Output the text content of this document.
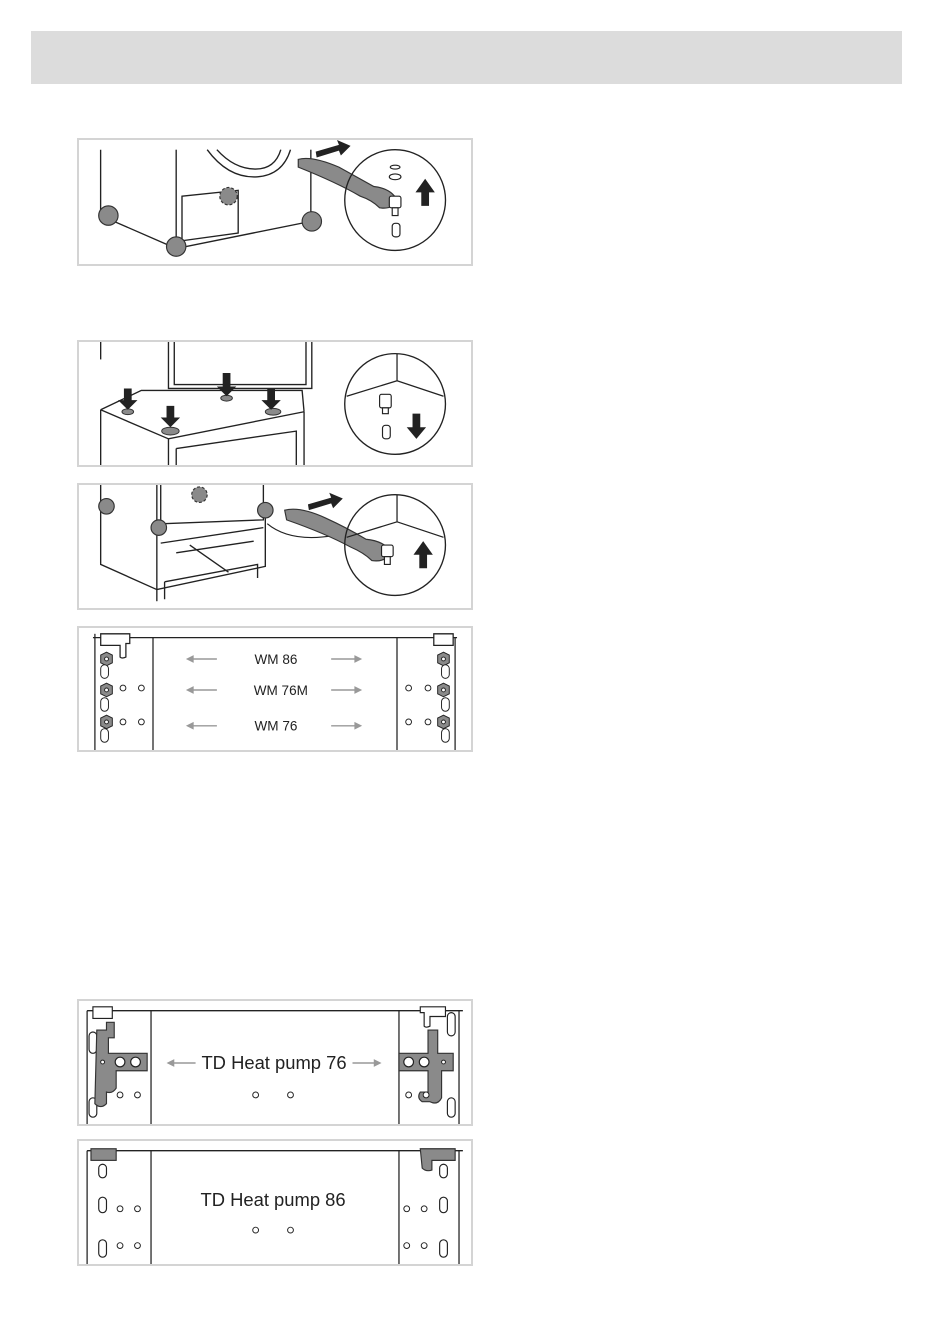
WM 86
WM 76M
WM 76
TD Heat pump 76
TD Heat pump 86
